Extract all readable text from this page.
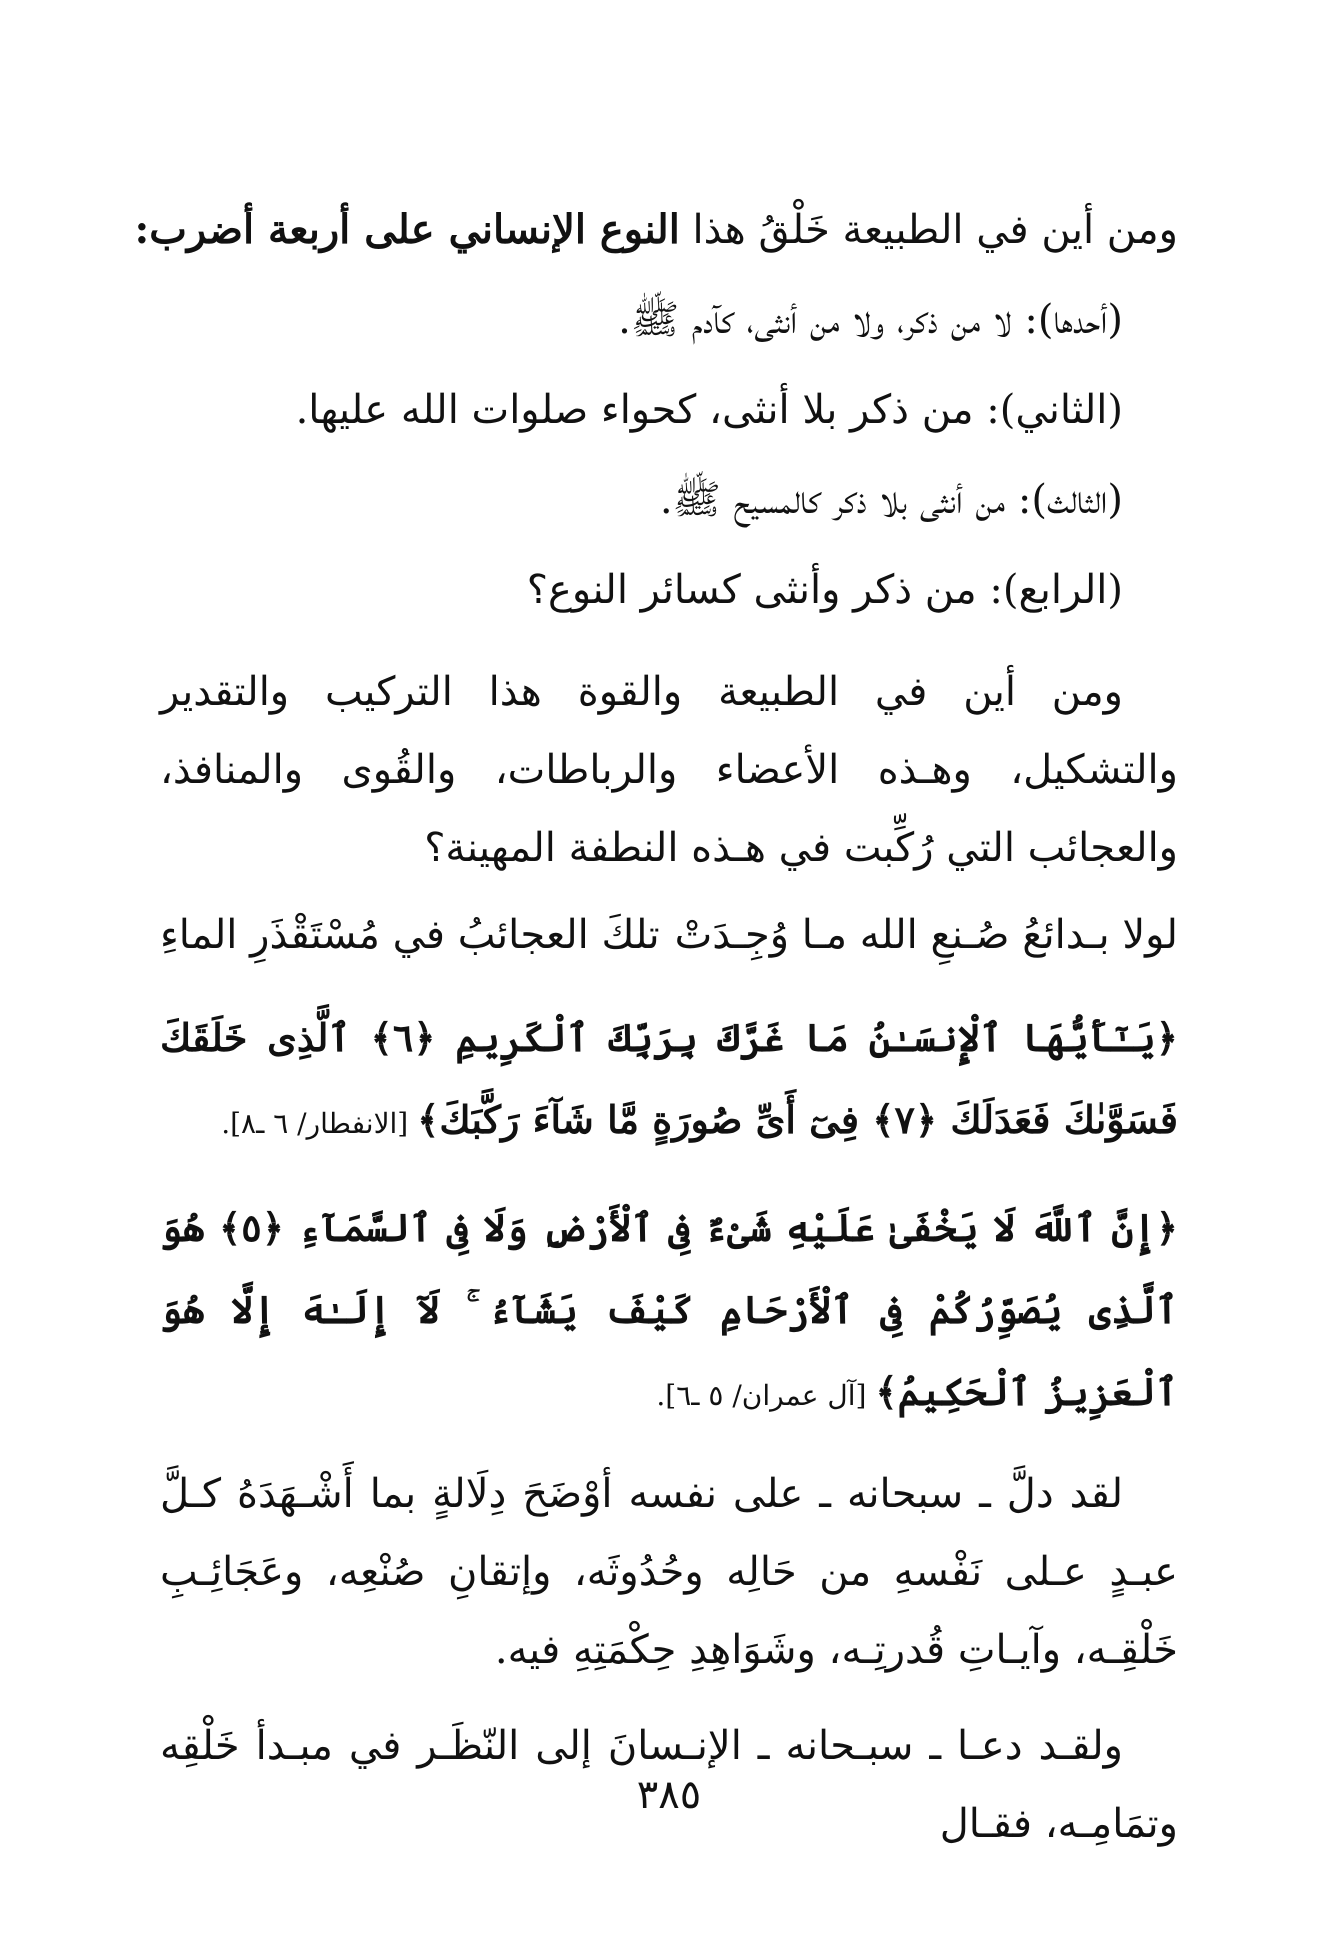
ومن أين في الطبيعة خَلْقُ هذا النوع الإنساني على أربعة أضرب:

(أحدها): لا من ذكر، ولا من أنثى، كآدم ﷺ.

(الثاني): من ذكر بلا أنثى، كحواء صلوات الله عليها.

(الثالث): من أنثى بلا ذكر كالمسيح ﷺ.

(الرابع): من ذكر وأنثى كسائر النوع؟

ومن أين في الطبيعة والقوة هذا التركيب والتقدير والتشكيل، وهـذه الأعضاء والرباطات، والقُوى والمنافذ، والعجائب التي رُكِّبت في هـذه النطفة المهينة؟

لولا بـدائعُ صُـنعِ الله مـا وُجِـدَتْ
تلكَ العجائبُ في مُسْتَقْذَرِ الماءِ

﴿يَـٰٓأَيُّهَا ٱلْإِنسَـٰنُ مَا غَرَّكَ بِرَبِّكَ ٱلْكَرِيمِ ﴿٦﴾ ٱلَّذِى خَلَقَكَ فَسَوَّىٰكَ فَعَدَلَكَ ﴿٧﴾ فِىٓ أَىِّ صُورَةٍ مَّا شَآءَ رَكَّبَكَ﴾ [الانفطار/ ٦ ـ٨].

﴿إِنَّ ٱللَّهَ لَا يَخْفَىٰ عَلَيْهِ شَىْءٌ فِى ٱلْأَرْضِ وَلَا فِى ٱلسَّمَآءِ ﴿٥﴾ هُوَ ٱلَّذِى يُصَوِّرُكُمْ فِى ٱلْأَرْحَامِ كَيْفَ يَشَآءُ ۚ لَآ إِلَـٰهَ إِلَّا هُوَ ٱلْعَزِيزُ ٱلْحَكِيمُ﴾ [آل عمران/ ٥ ـ٦].

لقد دلَّ ـ سبحانه ـ على نفسه أوْضَحَ دِلَالةٍ بما أَشْـهَدَهُ كـلَّ عبـدٍ عـلى نَفْسهِ من حَالِه وحُدُوثَه، وإتقانِ صُنْعِه، وعَجَائِـبِ خَلْقِـه، وآيـاتِ قُدرتِـه، وشَوَاهِدِ حِكْمَتِهِ فيه.

ولقـد دعـا ـ سبـحانه ـ الإنـسانَ إلى النّظَـر في مبـدأ خَلْقِه وتمَامِـه، فقـال

٣٨٥
